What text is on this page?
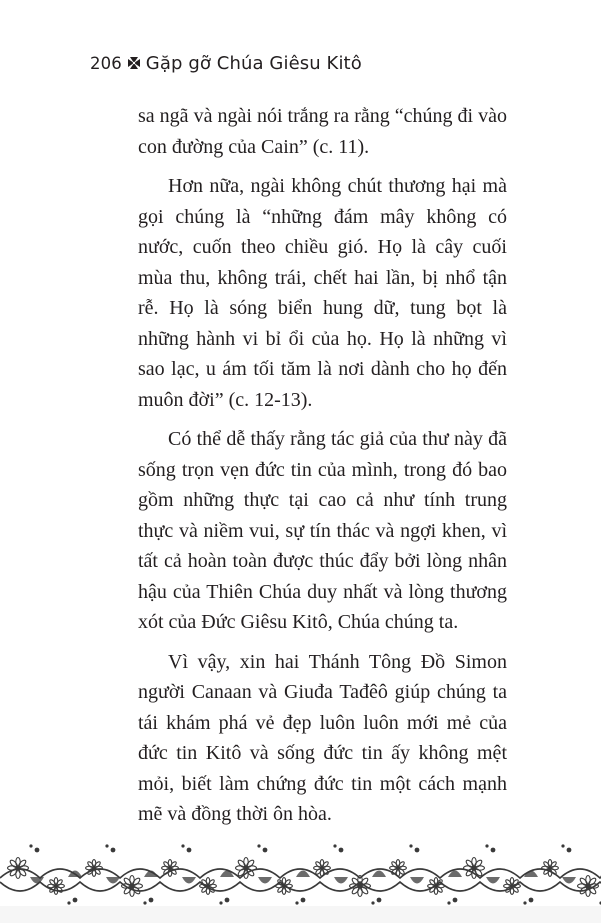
206 Gặp gỡ Chúa Giêsu Kitô

sa ngã và ngài nói trắng ra rằng “chúng đi vào con đường của Cain” (c. 11).

Hơn nữa, ngài không chút thương hại mà gọi chúng là “những đám mây không có nước, cuốn theo chiều gió. Họ là cây cuối mùa thu, không trái, chết hai lần, bị nhổ tận rễ. Họ là sóng biển hung dữ, tung bọt là những hành vi bỉ ổi của họ. Họ là những vì sao lạc, u ám tối tăm là nơi dành cho họ đến muôn đời” (c. 12-13).

Có thể dễ thấy rằng tác giả của thư này đã sống trọn vẹn đức tin của mình, trong đó bao gồm những thực tại cao cả như tính trung thực và niềm vui, sự tín thác và ngợi khen, vì tất cả hoàn toàn được thúc đẩy bởi lòng nhân hậu của Thiên Chúa duy nhất và lòng thương xót của Đức Giêsu Kitô, Chúa chúng ta.

Vì vậy, xin hai Thánh Tông Đồ Simon người Canaan và Giuđa Tađêô giúp chúng ta tái khám phá vẻ đẹp luôn luôn mới mẻ của đức tin Kitô và sống đức tin ấy không mệt mỏi, biết làm chứng đức tin một cách mạnh mẽ và đồng thời ôn hòa.
